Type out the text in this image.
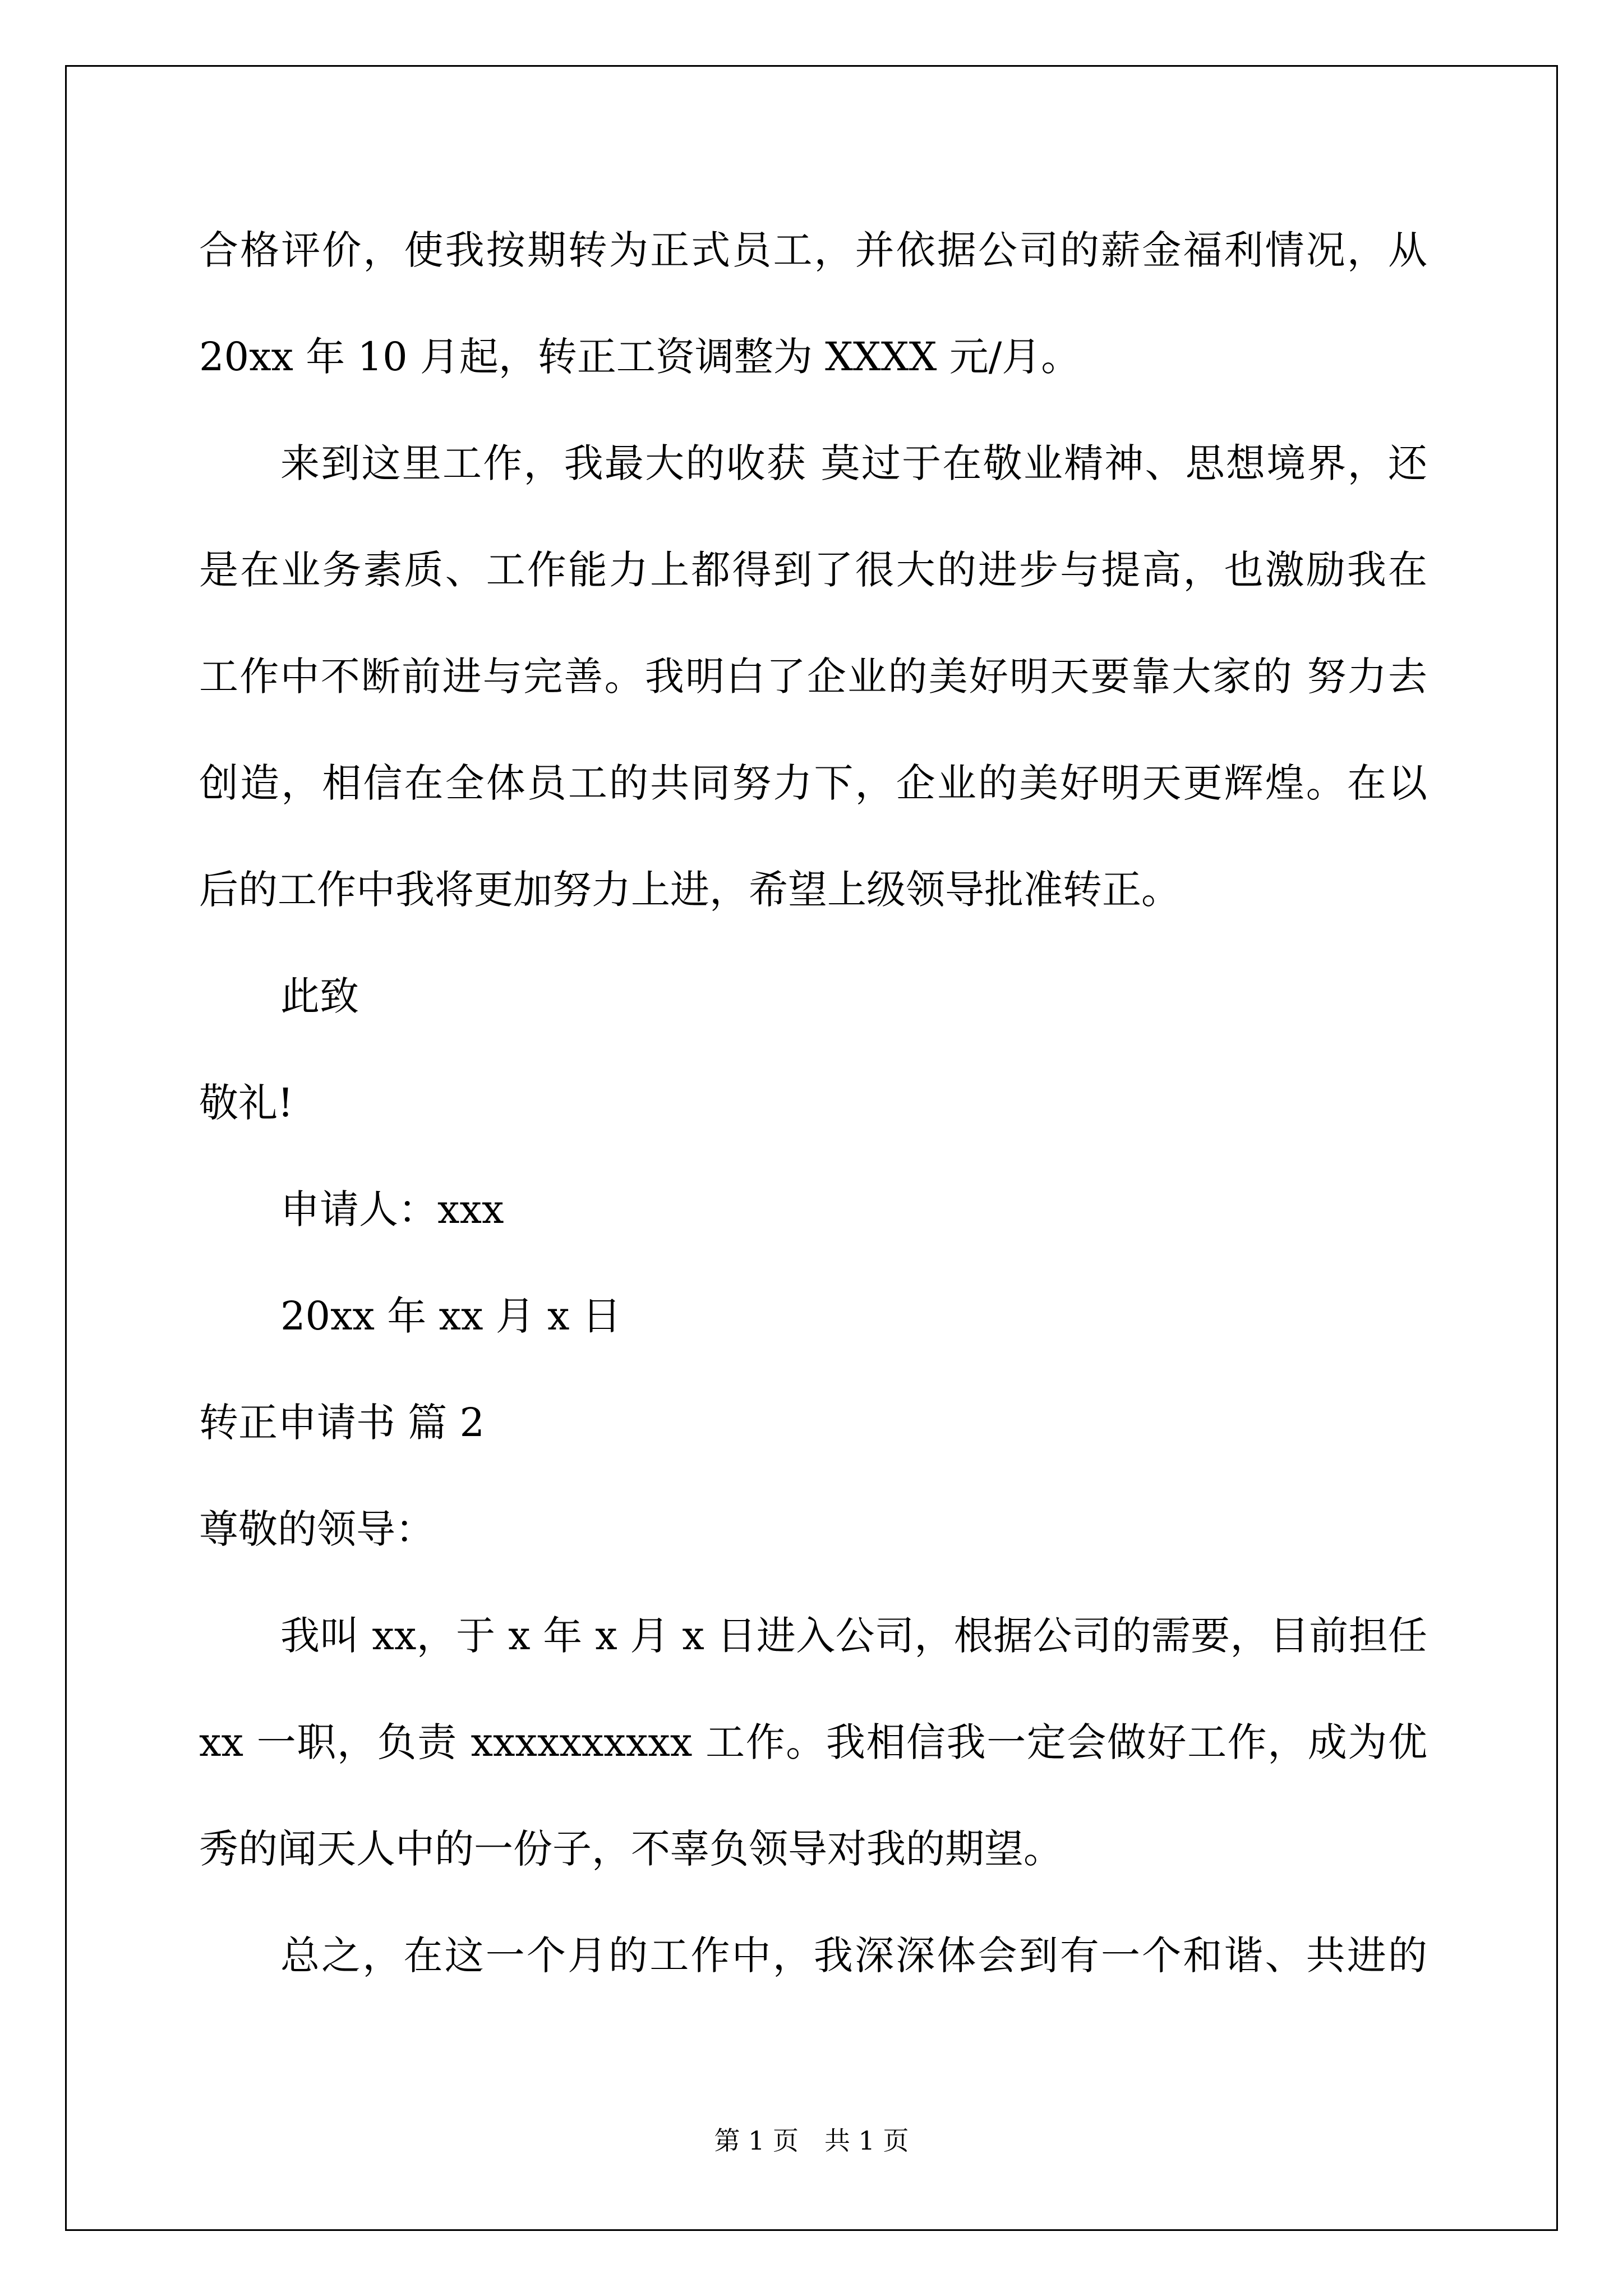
合格评价，使我按期转为正式员工，并依据公司的薪金福利情况，从
20xx 年 10 月起，转正工资调整为 XXXX 元/月。
来到这里工作，我最大的收获 莫过于在敬业精神、思想境界，还
是在业务素质、工作能力上都得到了很大的进步与提高，也激励我在
工作中不断前进与完善。我明白了企业的美好明天要靠大家的 努力去
创造，相信在全体员工的共同努力下，企业的美好明天更辉煌。在以
后的工作中我将更加努力上进，希望上级领导批准转正。
此致
敬礼!
申请人：xxx
20xx 年 xx 月 x 日
转正申请书 篇 2
尊敬的领导：
我叫 xx，于 x 年 x 月 x 日进入公司，根据公司的需要，目前担任
xx 一职，负责 xxxxxxxxxx 工作。我相信我一定会做好工作，成为优
秀的闻天人中的一份子，不辜负领导对我的期望。
总之，在这一个月的工作中，我深深体会到有一个和谐、共进的
第 1 页　共 1 页
